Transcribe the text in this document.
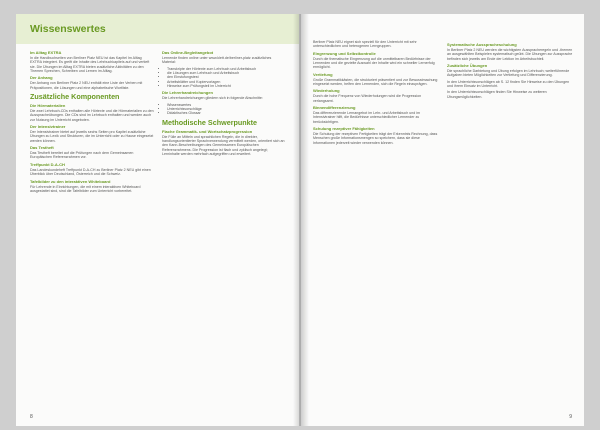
Wissenswertes
Im Alltag EXTRA

In die Handbuchseiten von Berliner Platz NEU ist das Kapitel Im Alltag EXTRA integriert. Es greift die Inhalte des Lehrbuchkapitels auf und vertieft sie. Die Übungen im Alltag EXTRA bieten zusätzliche Aktivitäten zu den Themen Sprechen, Schreiben und Lernen im Alltag.

Der Anhang

Der Anhang von Berliner Platz 2 NEU enthält eine Liste der Verben mit Präpositionen, die Lösungen und eine alphabetische Wortliste.

Zusätzliche Komponenten
Die Hörmaterialien

Die zwei Lehrbuch-CDs enthalten alle Hörtexte und die Hörmaterialien zu den Ausspracheübungen. Die CDs sind im Lehrbuch enthalten und werden auch zur Nutzung im Unterricht angeboten.

Der Intensivtrainer

Der Intensivtrainer bietet auf jeweils sechs Seiten pro Kapitel zusätzliche Übungen zu Lexik und Strukturen, die im Unterricht oder zu Hause eingesetzt werden können.

Das Testheft

Das Testheft bereitet auf die Prüfungen nach dem Gemeinsamen Europäischen Referenzrahmen vor.

Treffpunkt D-A-CH

Das Landeskundeheft Treffpunkt D-A-CH zu Berliner Platz 2 NEU gibt einen Überblick über Deutschland, Österreich und die Schweiz.

Tafelbilder zu den interaktiven Whiteboard

Für Lehrende in Einrichtungen, die mit einem interaktiven Whiteboard ausgestattet sind, sind die Tafelbilder zum Unterricht vorbereitet.

Das Online-Begleitangebot

Lernende finden online unter www.klett.de/berliner-platz zusätzliches Material:

• Transkripte der Hörtexte zum Lehrbuch und Arbeitsbuch
• die Lösungen zum Lehrbuch und Arbeitsbuch
• den Einstufungstest
• Arbeitsblätter und Kopiervorlagen
• Hinweise zum Prüfungsteil im Unterricht
Die Lehrerhandreichungen

Die Lehrerhandreichungen gliedern sich in folgende Abschnitte:

• Wissenswertes
• Unterrichtsvorschläge
• Didaktisches Glossar
Methodische Schwerpunkte
Flache Grammatik- und Wortschatzprogression

Die Fülle an Mitteln und sprachlichen Regeln, die in direkter, handlungsorientierter Sprachverwendung vermittelt werden, orientiert sich an den Kann-Beschreibungen des Gemeinsamen Europäischen Referenzrahmens. Die Progression ist flach und zyklisch angelegt; Lerninhalte werden mehrfach aufgegriffen und erweitert.

8

Berliner Platz NEU eignet sich speziell für den Unterricht mit sehr unterschiedlichen und heterogenen Lerngruppen.

Eingrenzung und Selbstkontrolle

Durch die thematische Eingrenzung auf die unmittelbaren Bedürfnisse der Lernenden und die gezielte Auswahl der Inhalte wird ein schneller Lernerfolg ermöglicht.

Vertiefung

Große Grammatikkästen, die strukturiert präsentiert und zur Bewusstmachung eingesetzt werden, helfen den Lernenden, sich die Regeln einzuprägen.

Wiederholung

Durch die hohe Frequenz von Wiederholungen wird die Progression verlangsamt.

Binnendifferenzierung

Das differenzierende Lernangebot im Lehr- und Arbeitsbuch und im Intensivtrainer hilft, die Bedürfnisse unterschiedlicher Lernender zu berücksichtigen.

Schulung rezeptiver Fähigkeiten

Die Schulung der rezeptiven Fertigkeiten trägt der Erkenntnis Rechnung, dass Menschen große Informationsmengen so speichern, dass sie diese Informationen jederzeit wieder verwenden können.

Systematische Ausspracheschulung

In Berliner Platz 2 NEU werden die wichtigsten Ausspracheregeln und -themen an ausgewählten Beispielen systematisch geübt. Die Übungen zur Aussprache befinden sich jeweils am Ende der Lektion im Arbeitsbuchteil.

Zusätzliche Übungen

Die sprachliche Darbietung und Übung erfolgen im Lehrbuch; weiterführende Aufgaben bieten Möglichkeiten zur Vertiefung und Differenzierung.

In den Unterrichtsvorschlägen ab S. 12 finden Sie Hinweise zu den Übungen und ihrem Einsatz im Unterricht.

In den Unterrichtsvorschlägen finden Sie Hinweise zu weiteren Übungsmöglichkeiten.

9
